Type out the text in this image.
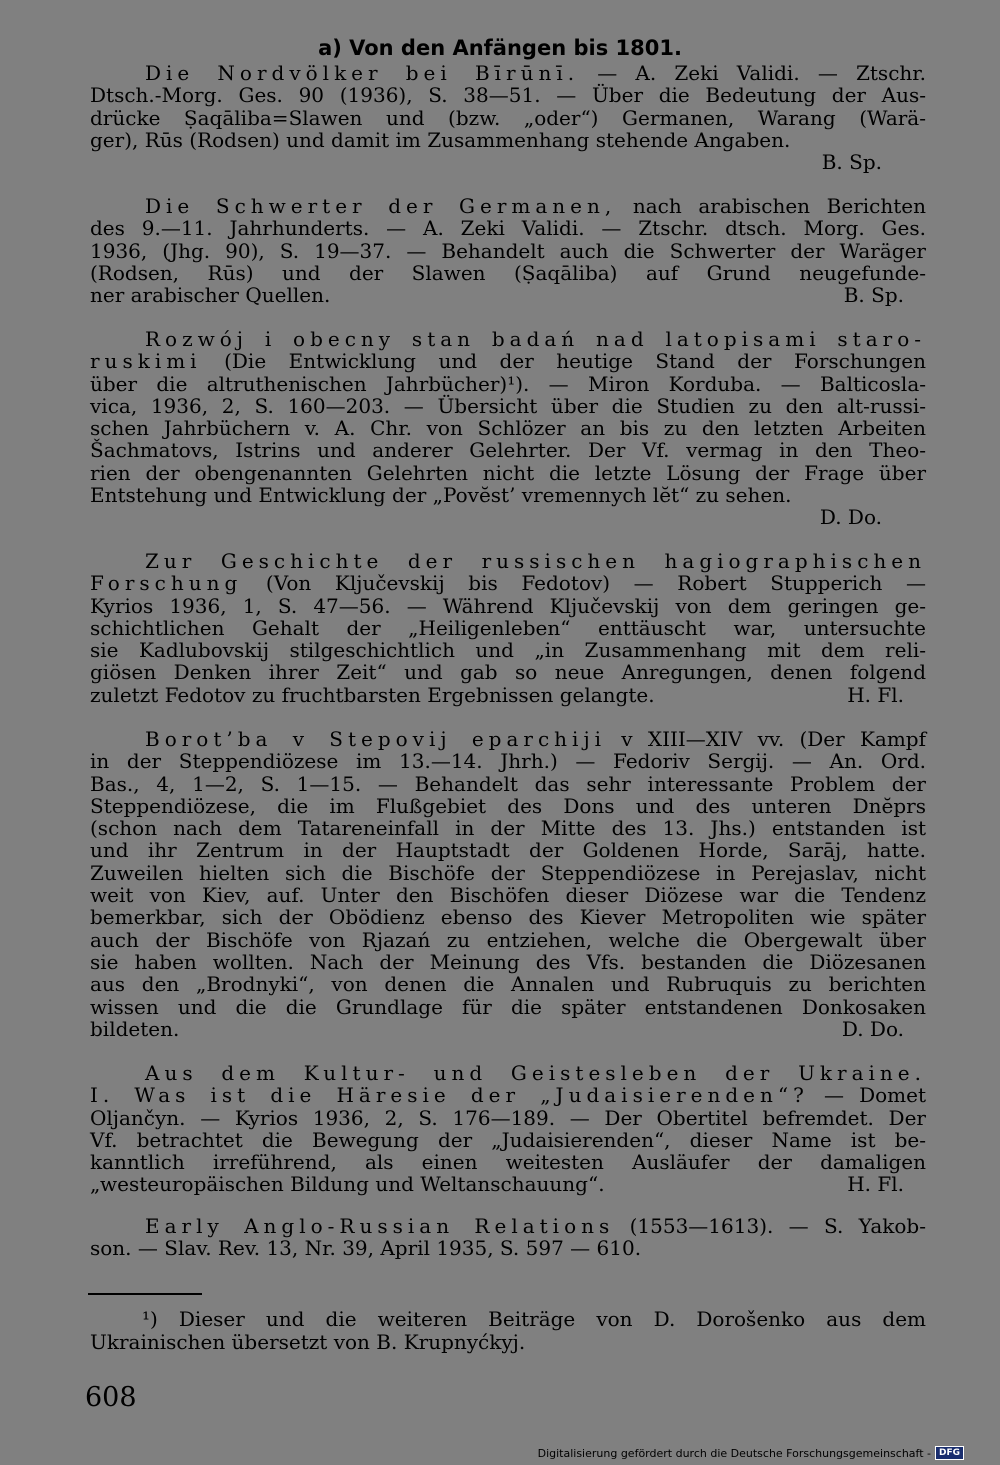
a) Von den Anfängen bis 1801.
Die Nordvölker bei Bīrūnī. — A. Zeki Validi. — Ztschr.
Dtsch.-Morg. Ges. 90 (1936), S. 38—51. — Über die Bedeutung der Aus-
drücke Ṣaqāliba=Slawen und (bzw. „oder“) Germanen, Warang (Warä-
ger), Rūs (Rodsen) und damit im Zusammenhang stehende Angaben.
B. Sp.
Die Schwerter der Germanen, nach arabischen Berichten
des 9.—11. Jahrhunderts. — A. Zeki Validi. — Ztschr. dtsch. Morg. Ges.
1936, (Jhg. 90), S. 19—37. — Behandelt auch die Schwerter der Waräger
(Rodsen, Rūs) und der Slawen (Ṣaqāliba) auf Grund neugefunde-
ner arabischer Quellen.	B. Sp.
Rozwój i obecny stan badań nad latopisami staro-
ruskimi (Die Entwicklung und der heutige Stand der Forschungen
über die altruthenischen Jahrbücher)¹). — Miron Korduba. — Balticosla-
vica, 1936, 2, S. 160—203. — Übersicht über die Studien zu den alt-russi-
schen Jahrbüchern v. A. Chr. von Schlözer an bis zu den letzten Arbeiten
Šachmatovs, Istrins und anderer Gelehrter. Der Vf. vermag in den Theo-
rien der obengenannten Gelehrten nicht die letzte Lösung der Frage über
Entstehung und Entwicklung der „Povĕst’ vremennych lĕt“ zu sehen.
D. Do.
Zur Geschichte der russischen hagiographischen
Forschung (Von Ključevskij bis Fedotov) — Robert Stupperich —
Kyrios 1936, 1, S. 47—56. — Während Ključevskij von dem geringen ge-
schichtlichen Gehalt der „Heiligenleben“ enttäuscht war, untersuchte
sie Kadlubovskij stilgeschichtlich und „in Zusammenhang mit dem reli-
giösen Denken ihrer Zeit“ und gab so neue Anregungen, denen folgend
zuletzt Fedotov zu fruchtbarsten Ergebnissen gelangte.	H. Fl.
Borot’ba v Stepovij eparchiji v XIII—XIV vv. (Der Kampf
in der Steppendiözese im 13.—14. Jhrh.) — Fedoriv Sergij. — An. Ord.
Bas., 4, 1—2, S. 1—15. — Behandelt das sehr interessante Problem der
Steppendiözese, die im Flußgebiet des Dons und des unteren Dnĕprs
(schon nach dem Tatareneinfall in der Mitte des 13. Jhs.) entstanden ist
und ihr Zentrum in der Hauptstadt der Goldenen Horde, Sarāj, hatte.
Zuweilen hielten sich die Bischöfe der Steppendiözese in Perejaslav, nicht
weit von Kiev, auf. Unter den Bischöfen dieser Diözese war die Tendenz
bemerkbar, sich der Obödienz ebenso des Kiever Metropoliten wie später
auch der Bischöfe von Rjazań zu entziehen, welche die Obergewalt über
sie haben wollten. Nach der Meinung des Vfs. bestanden die Diözesanen
aus den „Brodnyki“, von denen die Annalen und Rubruquis zu berichten
wissen und die die Grundlage für die später entstandenen Donkosaken
bildeten.	D. Do.
Aus dem Kultur- und Geistesleben der Ukraine.
I. Was ist die Häresie der „Judaisierenden“? — Domet
Oljančyn. — Kyrios 1936, 2, S. 176—189. — Der Obertitel befremdet. Der
Vf. betrachtet die Bewegung der „Judaisierenden“, dieser Name ist be-
kanntlich irreführend, als einen weitesten Ausläufer der damaligen
„westeuropäischen Bildung und Weltanschauung“.	H. Fl.
Early Anglo-Russian Relations (1553—1613). — S. Yakob-
son. — Slav. Rev. 13, Nr. 39, April 1935, S. 597 — 610.
¹) Dieser und die weiteren Beiträge von D. Dorošenko aus dem
Ukrainischen übersetzt von B. Krupnyćkyj.
608
Digitalisierung gefördert durch die Deutsche Forschungsgemeinschaft - DFG
